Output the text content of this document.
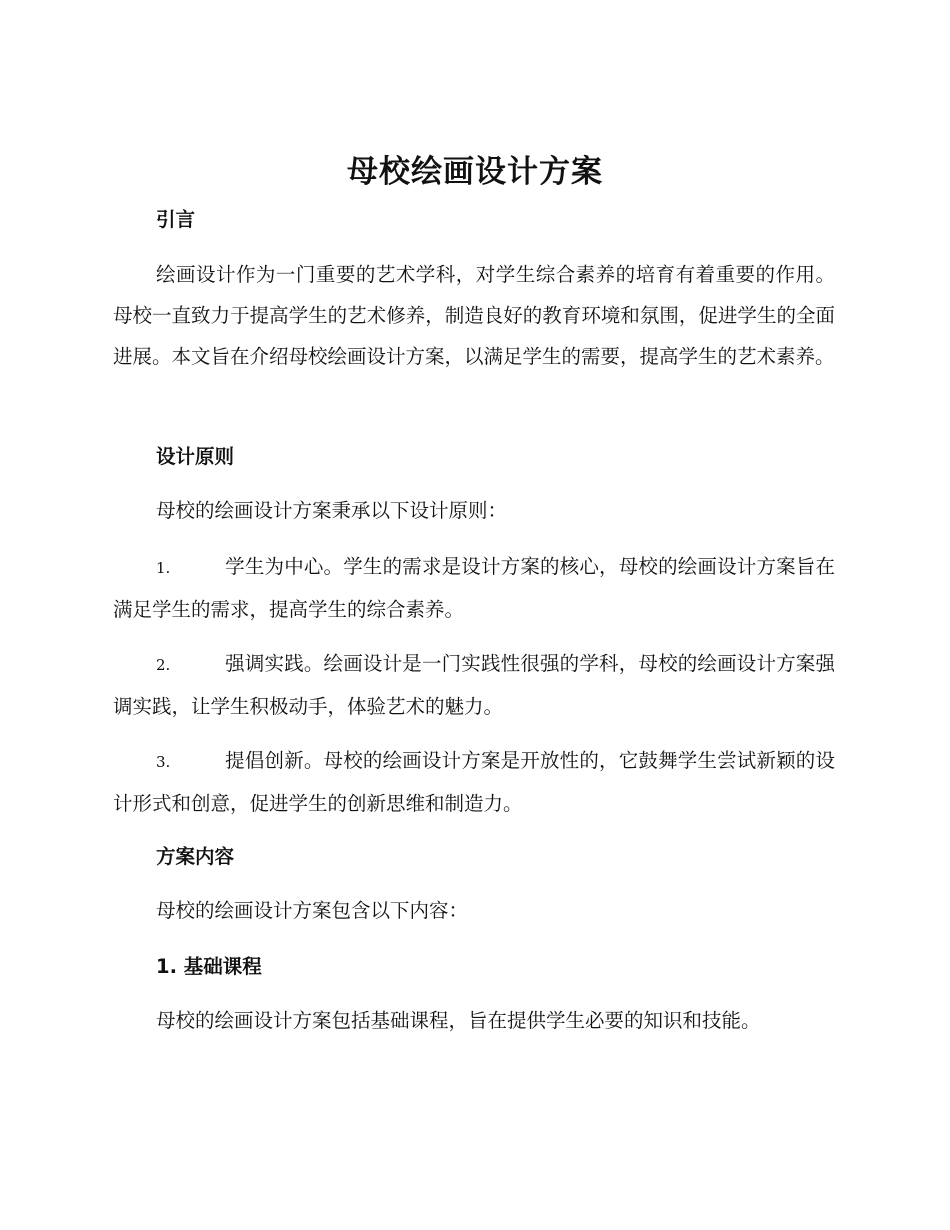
母校绘画设计方案
引言

绘画设计作为一门重要的艺术学科，对学生综合素养的培育有着重要的作用。母校一直致力于提高学生的艺术修养，制造良好的教育环境和氛围，促进学生的全面进展。本文旨在介绍母校绘画设计方案，以满足学生的需要，提高学生的艺术素养。

设计原则

母校的绘画设计方案秉承以下设计原则：

1.	学生为中心。学生的需求是设计方案的核心，母校的绘画设计方案旨在满足学生的需求，提高学生的综合素养。

2.	强调实践。绘画设计是一门实践性很强的学科，母校的绘画设计方案强调实践，让学生积极动手，体验艺术的魅力。

3.	提倡创新。母校的绘画设计方案是开放性的，它鼓舞学生尝试新颖的设计形式和创意，促进学生的创新思维和制造力。

方案内容

母校的绘画设计方案包含以下内容：

1. 基础课程

母校的绘画设计方案包括基础课程，旨在提供学生必要的知识和技能。
